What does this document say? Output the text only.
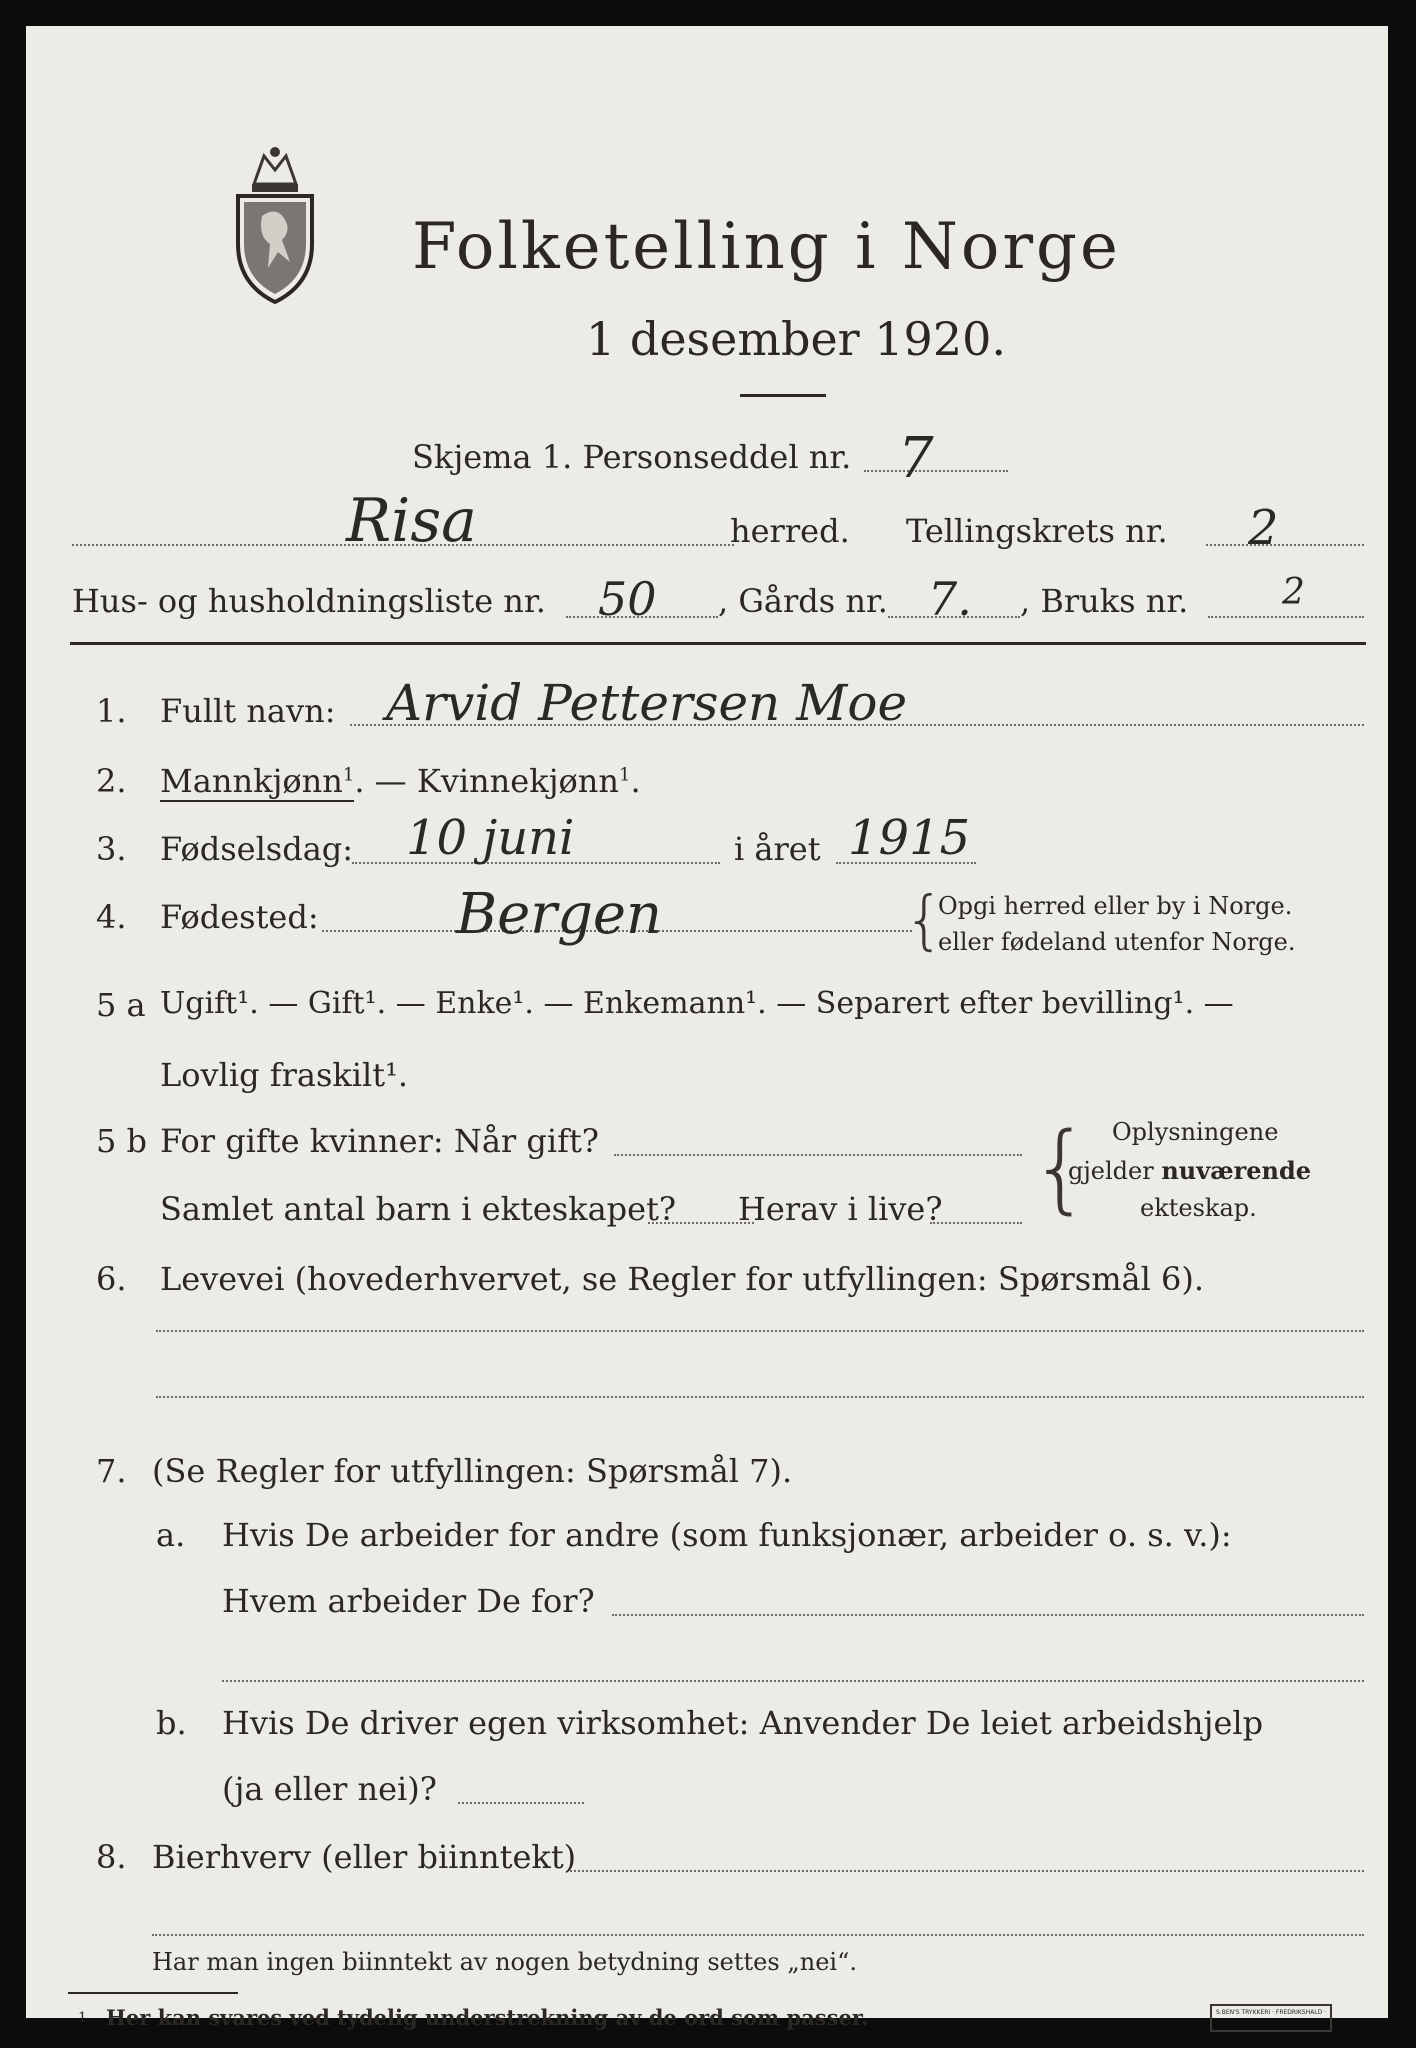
Folketelling i Norge
1 desember 1920.
Skjema 1. Personseddel nr. 7
Risa	herred. Tellingskrets nr. 2
Hus- og husholdningsliste nr. 50 , Gårds nr. 7. , Bruks nr.	2
1. Fullt navn: Arvid Pettersen Moe
2. Mannkjønn$^1$. — Kvinnekjønn$^1$.
3. Fødselsdag: 10 juni	i året 1915
4. Fødested: Bergen	{
Opgi herred eller by i Norge.
eller fødeland utenfor Norge.
5 a Ugift¹. — Gift¹. — Enke¹. — Enkemann¹. — Separert efter bevilling¹. —
Lovlig fraskilt¹.
5 b For gifte kvinner: Når gift?
Samlet antal barn i ekteskapet? Herav i live? { Oplysningene
gjelder nuværende
ekteskap.
6. Levevei (hovederhvervet, se Regler for utfyllingen: Spørsmål 6).
7. (Se Regler for utfyllingen: Spørsmål 7).
a. Hvis De arbeider for andre (som funksjonær, arbeider o. s. v.):
Hvem arbeider De for?
b. Hvis De driver egen virksomhet: Anvender De leiet arbeidshjelp
(ja eller nei)?
8. Bierhverv (eller biinntekt)
Har man ingen biinntekt av nogen betydning settes „nei“.
1 Her kan svares ved tydelig understrekning av de ord som passer.	S.BEN'S TRYKKERI · FREDRIKSHALD ·
